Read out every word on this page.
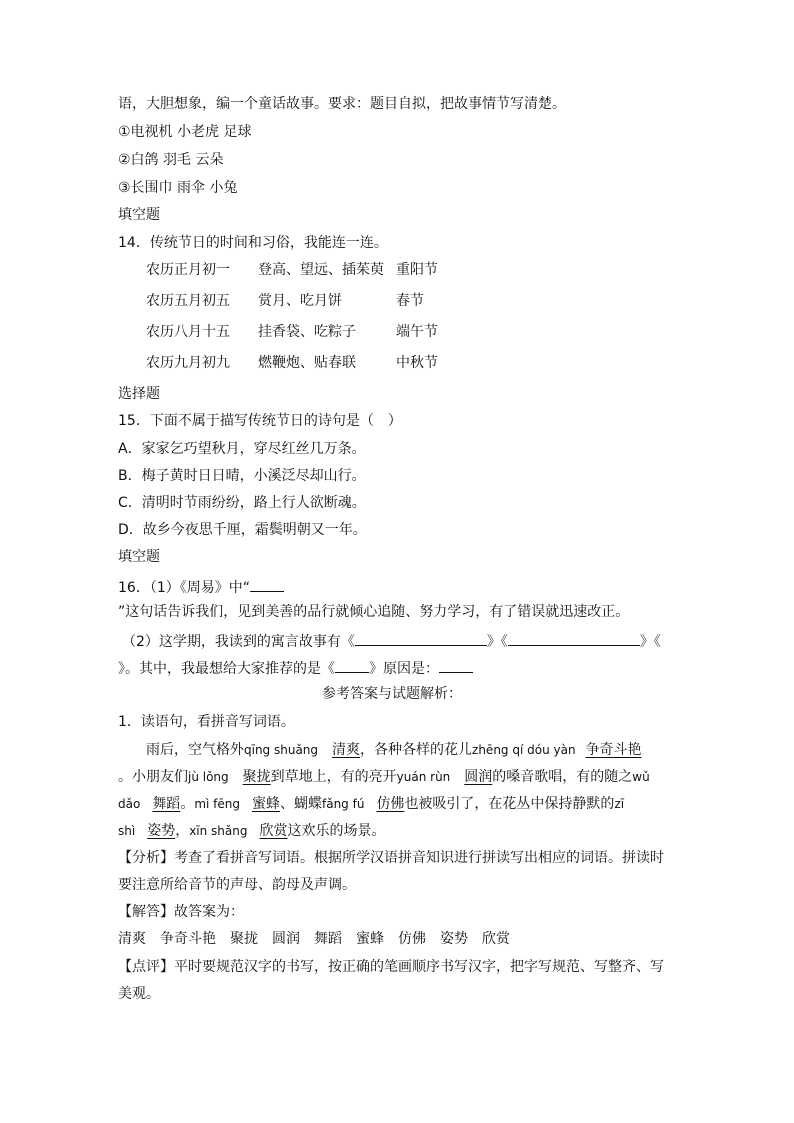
语，大胆想象，编一个童话故事。要求：题目自拟，把故事情节写清楚。
①电视机 小老虎 足球
②白鸽 羽毛 云朵
③长围巾 雨伞 小兔
填空题
14．传统节日的时间和习俗，我能连一连。
农历正月初一 登高、望远、插茱萸 重阳节
农历五月初五 赏月、吃月饼	春节
农历八月十五 挂香袋、吃粽子	端午节
农历九月初九 燃鞭炮、贴春联	中秋节
选择题
15．下面不属于描写传统节日的诗句是（　）
A．家家乞巧望秋月，穿尽红丝几万条。
B．梅子黄时日日晴，小溪泛尽却山行。
C．清明时节雨纷纷，路上行人欲断魂。
D．故乡今夜思千厘，霜鬓明朝又一年。
填空题
16．（1）《周易》中“
”这句话告诉我们，见到美善的品行就倾心追随、努力学习，有了错误就迅速改正。
（2）这学期，我读到的寓言故事有《	》《	》《
》。其中，我最想给大家推荐的是《 》原因是：
参考答案与试题解析：
1．读语句，看拼音写词语。
雨后，空气格外qīng shuǎng 清爽，各种各样的花儿zhēng qí dóu yàn 争奇斗艳
。小朋友们jù lǒng 聚拢到草地上，有的亮开yuán rùn 圆润的嗓音歌唱，有的随之wǔ
dǎo 舞蹈。mì fēng 蜜蜂、蝴蝶fǎng fú 仿佛也被吸引了，在花丛中保持静默的zī
shì 姿势，xīn shǎng 欣赏这欢乐的场景。
【分析】考查了看拼音写词语。根据所学汉语拼音知识进行拼读写出相应的词语。拼读时
要注意所给音节的声母、韵母及声调。
【解答】故答案为：
清爽　争奇斗艳　聚拢　圆润　舞蹈　蜜蜂　仿佛　姿势　欣赏
【点评】平时要规范汉字的书写，按正确的笔画顺序书写汉字，把字写规范、写整齐、写
美观。
